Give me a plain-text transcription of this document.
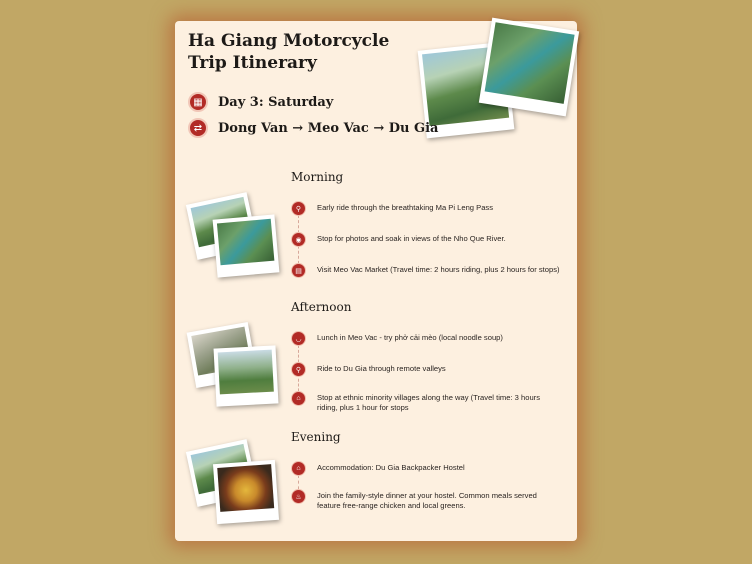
Ha Giang Motorcycle Trip Itinerary
▦	Day 3: Saturday
⇄	Dong Van → Meo Vac → Du Gia
Morning
⚲	Early ride through the breathtaking Ma Pi Leng Pass
◉	Stop for photos and soak in views of the Nho Que River.
▤	Visit Meo Vac Market (Travel time: 2 hours riding, plus 2 hours for stops)
Afternoon
◡	Lunch in Meo Vac - try phở cải mèo (local noodle soup)
⚲	Ride to Du Gia through remote valleys
⌂	Stop at ethnic minority villages along the way (Travel time: 3 hours riding, plus 1 hour for stops
Evening
⌂	Accommodation: Du Gia Backpacker Hostel
♨	Join the family-style dinner at your hostel. Common meals served feature free-range chicken and local greens.
